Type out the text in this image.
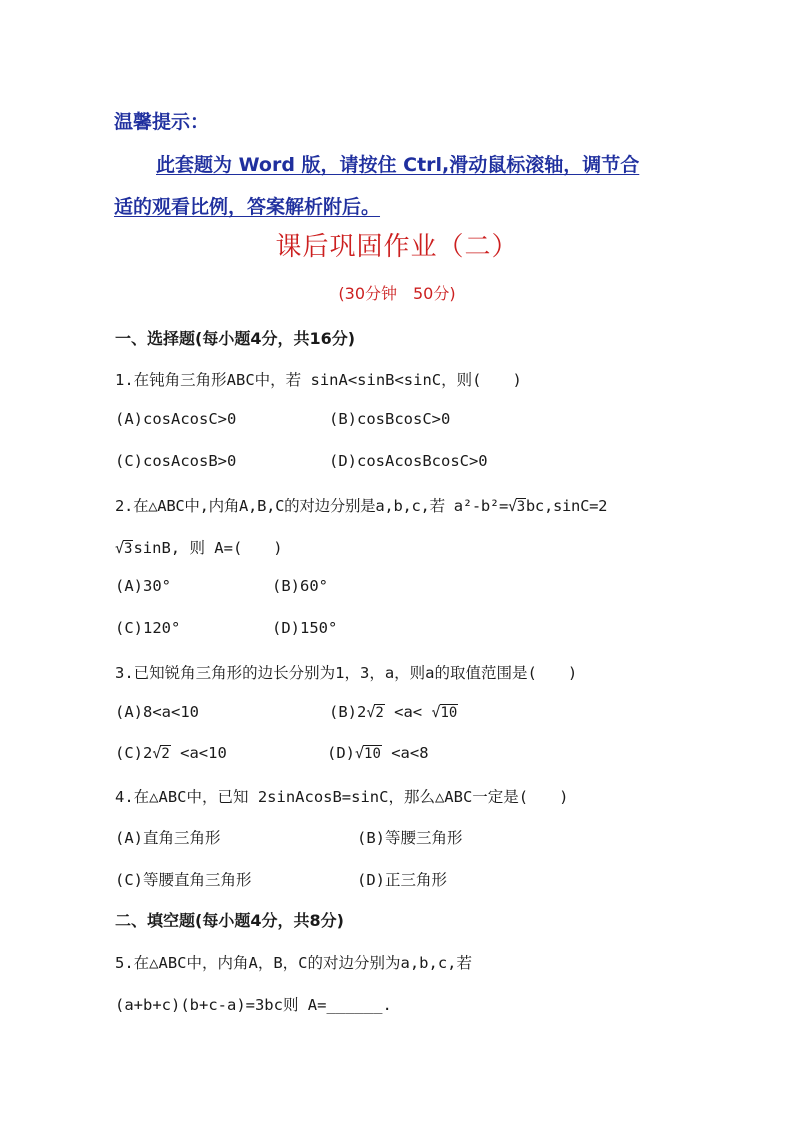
温馨提示：
此套题为 Word 版，请按住 Ctrl,滑动鼠标滚轴，调节合
适的观看比例，答案解析附后。
课后巩固作业（二）
(30分钟　50分)
一、选择题(每小题4分，共16分)
1.在钝角三角形ABC中，若 sinA<sinB<sinC，则(　　)
(A)cosAcosC>0	(B)cosBcosC>0
(C)cosAcosB>0	(D)cosAcosBcosC>0
2.在△ABC中,内角A,B,C的对边分别是a,b,c,若 a²-b²=√3bc,sinC=2
√3sinB, 则 A=(　　)
(A)30°	(B)60°
(C)120°	(D)150°
3.已知锐角三角形的边长分别为1，3，a，则a的取值范围是(　　)
(A)8<a<10	(B)2√2 <a< √10
(C)2√2 <a<10	(D)√10 <a<8
4.在△ABC中，已知 2sinAcosB=sinC，那么△ABC一定是(　　)
(A)直角三角形	(B)等腰三角形
(C)等腰直角三角形	(D)正三角形
二、填空题(每小题4分，共8分)
5.在△ABC中，内角A，B，C的对边分别为a,b,c,若
(a+b+c)(b+c-a)=3bc则 A=______.
